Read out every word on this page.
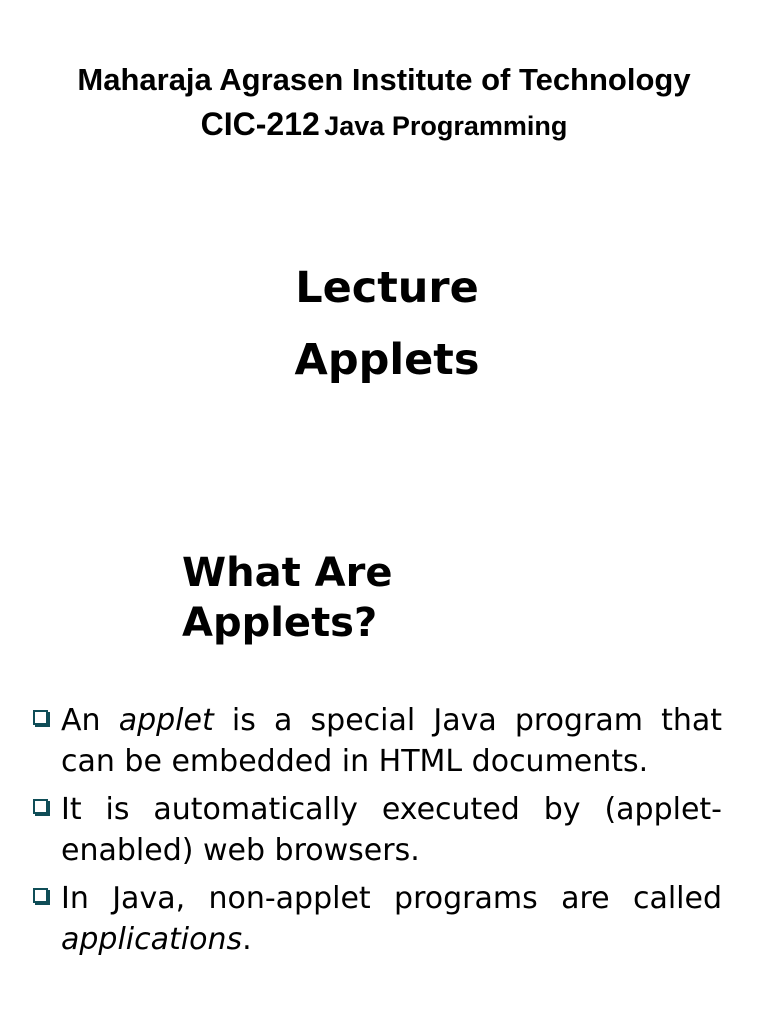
Maharaja Agrasen Institute of Technology
CIC-212 Java Programming
Lecture
Applets
What Are
Applets?
An applet is a special Java program that can be embedded in HTML documents.
It is automatically executed by (applet-enabled) web browsers.
In Java, non-applet programs are called applications.
